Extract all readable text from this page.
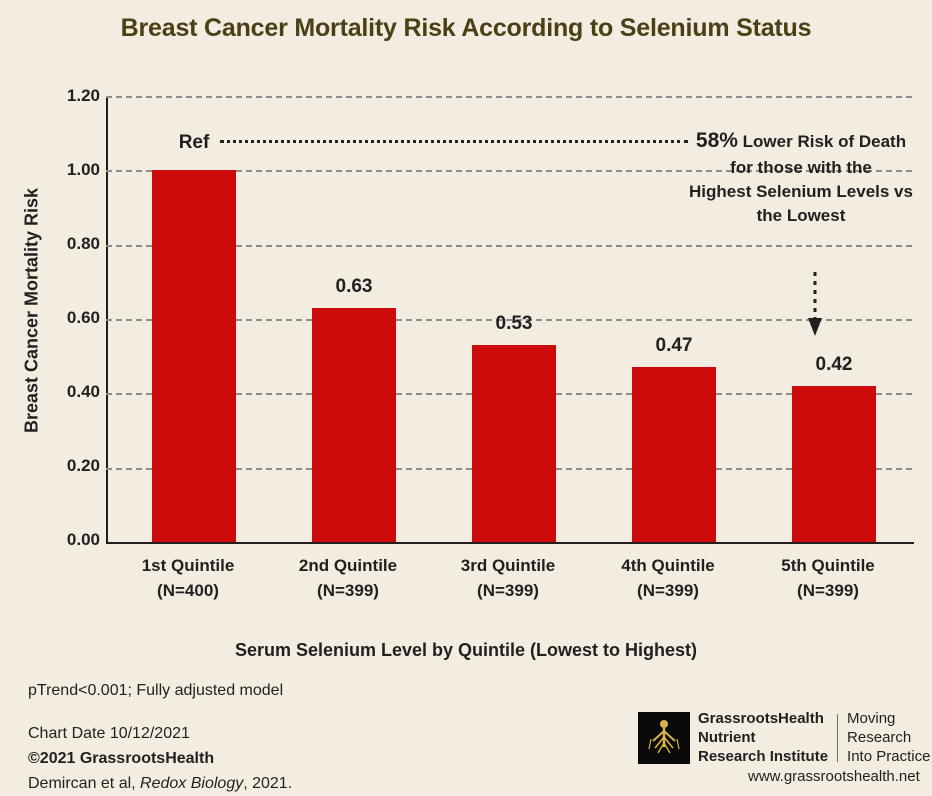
Breast Cancer Mortality Risk According to Selenium Status
1.20
1.00
0.80
0.60
0.40
0.20
0.00
Breast Cancer Mortality Risk
Ref
0.63
0.53
0.47
0.42
1st Quintile
(N=400)
2nd Quintile
(N=399)
3rd Quintile
(N=399)
4th Quintile
(N=399)
5th Quintile
(N=399)
Serum Selenium Level by Quintile (Lowest to Highest)
58% Lower Risk of Death
for those with the
Highest Selenium Levels vs
the Lowest
pTrend<0.001; Fully adjusted model
Chart Date 10/12/2021
©2021 GrassrootsHealth
Demircan et al, Redox Biology, 2021.
GrassrootsHealth
Nutrient
Research Institute
Moving
Research
Into Practice
www.grassrootshealth.net
